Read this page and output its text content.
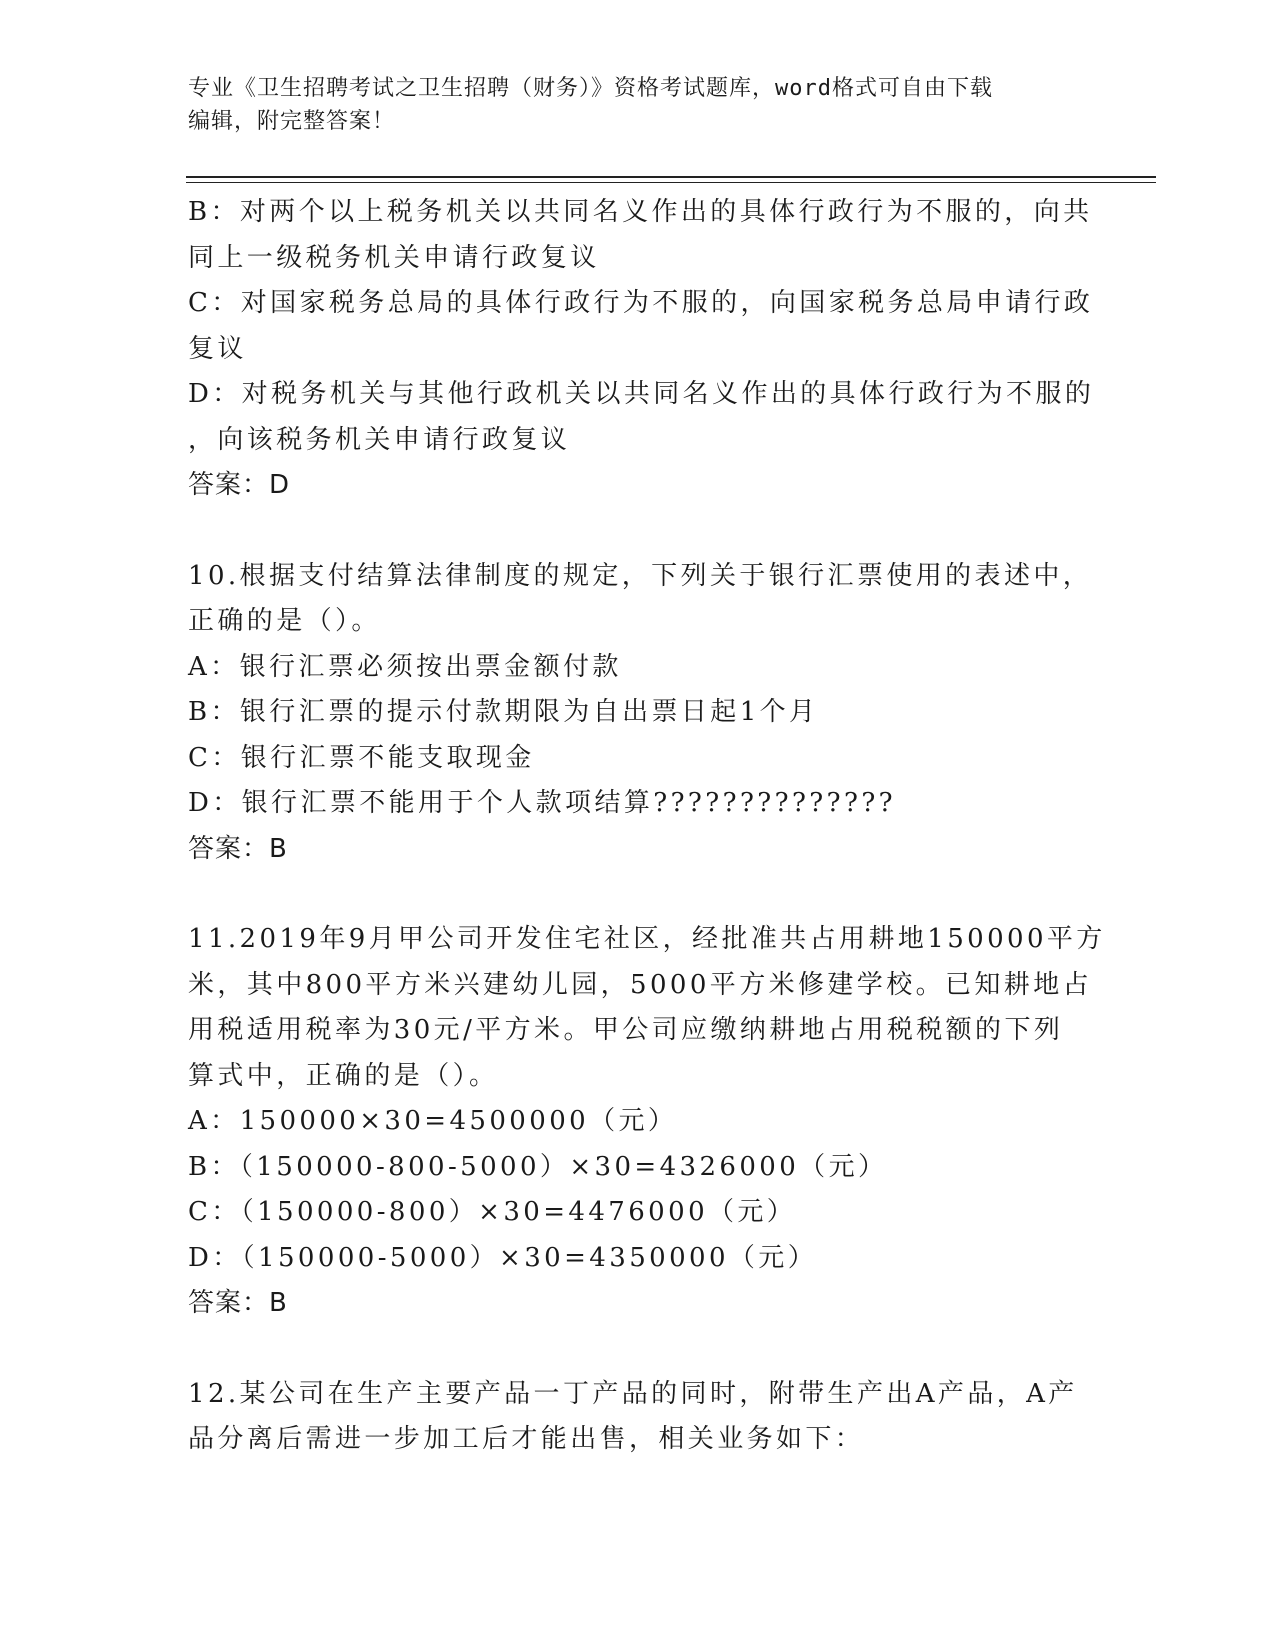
专业《卫生招聘考试之卫生招聘（财务）》资格考试题库，word格式可自由下载
编辑，附完整答案！

B：对两个以上税务机关以共同名义作出的具体行政行为不服的，向共

同上一级税务机关申请行政复议

C：对国家税务总局的具体行政行为不服的，向国家税务总局申请行政

复议

D：对税务机关与其他行政机关以共同名义作出的具体行政行为不服的

，向该税务机关申请行政复议

答案：D

10.根据支付结算法律制度的规定，下列关于银行汇票使用的表述中，

正确的是（）。

A：银行汇票必须按出票金额付款

B：银行汇票的提示付款期限为自出票日起1个月

C：银行汇票不能支取现金

D：银行汇票不能用于个人款项结算??????????????

答案：B

11.2019年9月甲公司开发住宅社区，经批准共占用耕地150000平方

米，其中800平方米兴建幼儿园，5000平方米修建学校。已知耕地占

用税适用税率为30元/平方米。甲公司应缴纳耕地占用税税额的下列

算式中，正确的是（）。

A：150000×30=4500000（元）

B：（150000-800-5000）×30=4326000（元）

C：（150000-800）×30=4476000（元）

D：（150000-5000）×30=4350000（元）

答案：B

12.某公司在生产主要产品一丁产品的同时，附带生产出A产品，A产

品分离后需进一步加工后才能出售，相关业务如下：
